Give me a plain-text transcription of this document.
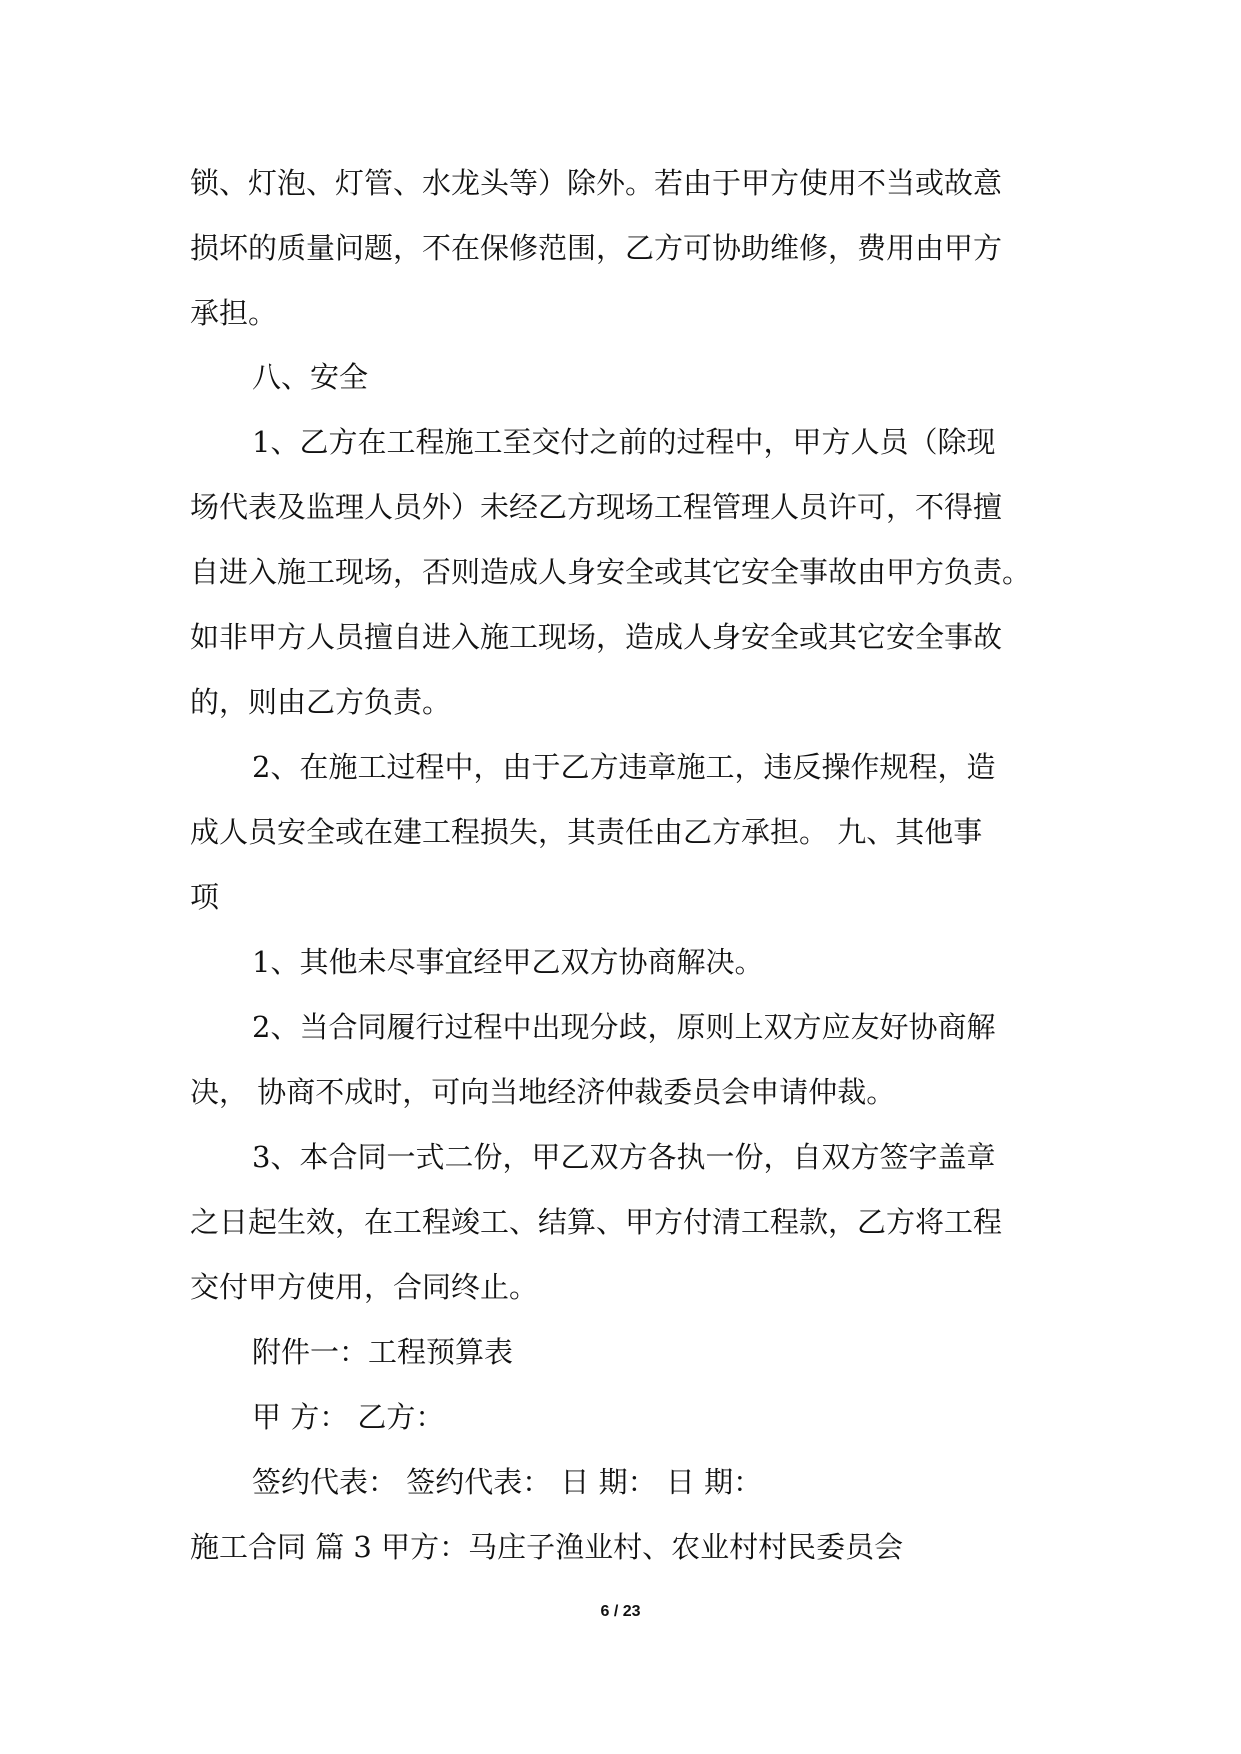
锁、灯泡、灯管、水龙头等）除外。若由于甲方使用不当或故意
损坏的质量问题，不在保修范围，乙方可协助维修，费用由甲方
承担。
八、安全
1、乙方在工程施工至交付之前的过程中，甲方人员（除现
场代表及监理人员外）未经乙方现场工程管理人员许可，不得擅
自进入施工现场，否则造成人身安全或其它安全事故由甲方负责。
如非甲方人员擅自进入施工现场，造成人身安全或其它安全事故
的，则由乙方负责。
2、在施工过程中，由于乙方违章施工，违反操作规程，造
成人员安全或在建工程损失，其责任由乙方承担。 九、其他事
项
1、其他未尽事宜经甲乙双方协商解决。
2、当合同履行过程中出现分歧，原则上双方应友好协商解
决， 协商不成时，可向当地经济仲裁委员会申请仲裁。
3、本合同一式二份，甲乙双方各执一份，自双方签字盖章
之日起生效，在工程竣工、结算、甲方付清工程款，乙方将工程
交付甲方使用，合同终止。
附件一：工程预算表
甲 方： 乙方：
签约代表： 签约代表： 日 期： 日 期：
施工合同 篇 3 甲方：马庄子渔业村、农业村村民委员会
6 / 23
